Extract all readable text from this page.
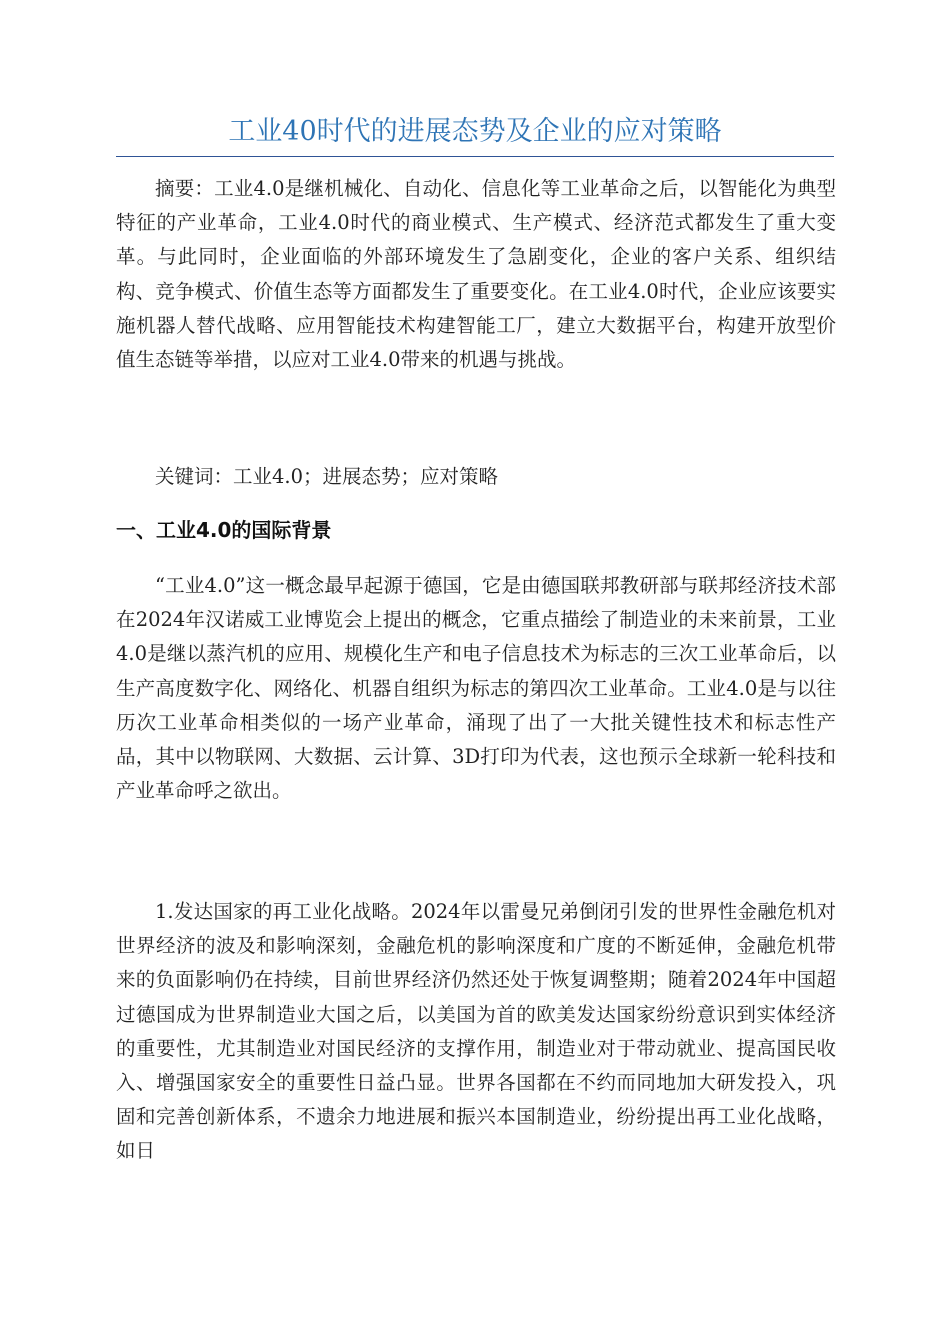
工业40时代的进展态势及企业的应对策略

摘要：工业4.0是继机械化、自动化、信息化等工业革命之后，以智能化为典型特征的产业革命，工业4.0时代的商业模式、生产模式、经济范式都发生了重大变革。与此同时，企业面临的外部环境发生了急剧变化，企业的客户关系、组织结构、竞争模式、价值生态等方面都发生了重要变化。在工业4.0时代，企业应该要实施机器人替代战略、应用智能技术构建智能工厂，建立大数据平台，构建开放型价值生态链等举措，以应对工业4.0带来的机遇与挑战。

关键词：工业4.0；进展态势；应对策略

一、工业4.0的国际背景

“工业4.0”这一概念最早起源于德国，它是由德国联邦教研部与联邦经济技术部在2024年汉诺威工业博览会上提出的概念，它重点描绘了制造业的未来前景，工业4.0是继以蒸汽机的应用、规模化生产和电子信息技术为标志的三次工业革命后，以生产高度数字化、网络化、机器自组织为标志的第四次工业革命。工业4.0是与以往历次工业革命相类似的一场产业革命，涌现了出了一大批关键性技术和标志性产品，其中以物联网、大数据、云计算、3D打印为代表，这也预示全球新一轮科技和产业革命呼之欲出。

1.发达国家的再工业化战略。2024年以雷曼兄弟倒闭引发的世界性金融危机对世界经济的波及和影响深刻，金融危机的影响深度和广度的不断延伸，金融危机带来的负面影响仍在持续，目前世界经济仍然还处于恢复调整期；随着2024年中国超过德国成为世界制造业大国之后，以美国为首的欧美发达国家纷纷意识到实体经济的重要性，尤其制造业对国民经济的支撑作用，制造业对于带动就业、提高国民收入、增强国家安全的重要性日益凸显。世界各国都在不约而同地加大研发投入，巩固和完善创新体系，不遗余力地进展和振兴本国制造业，纷纷提出再工业化战略，如日
